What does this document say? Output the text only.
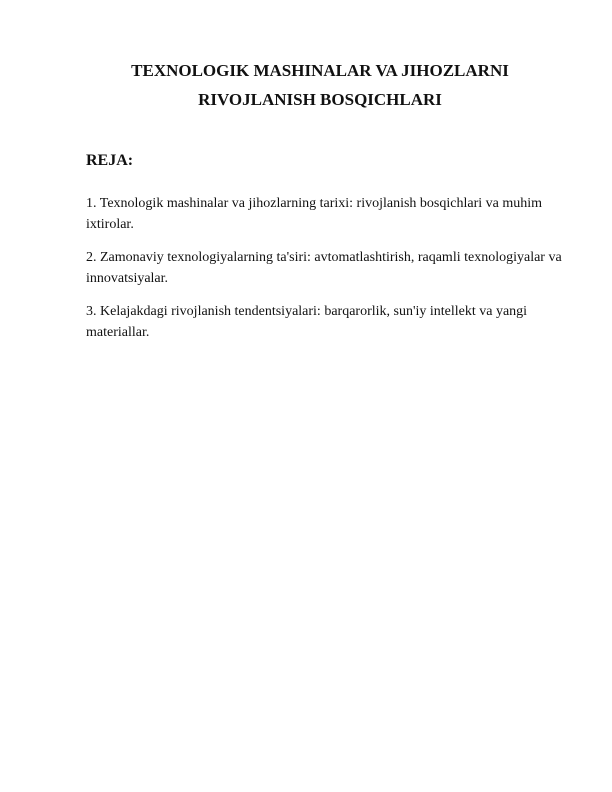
TEXNOLOGIK MASHINALAR VA JIHOZLARNI
RIVOJLANISH BOSQICHLARI
REJA:
1. Texnologik mashinalar va jihozlarning tarixi: rivojlanish bosqichlari va muhim ixtirolar.
2. Zamonaviy texnologiyalarning ta'siri: avtomatlashtirish, raqamli texnologiyalar va innovatsiyalar.
3. Kelajakdagi rivojlanish tendentsiyalari: barqarorlik, sun'iy intellekt va yangi materiallar.
